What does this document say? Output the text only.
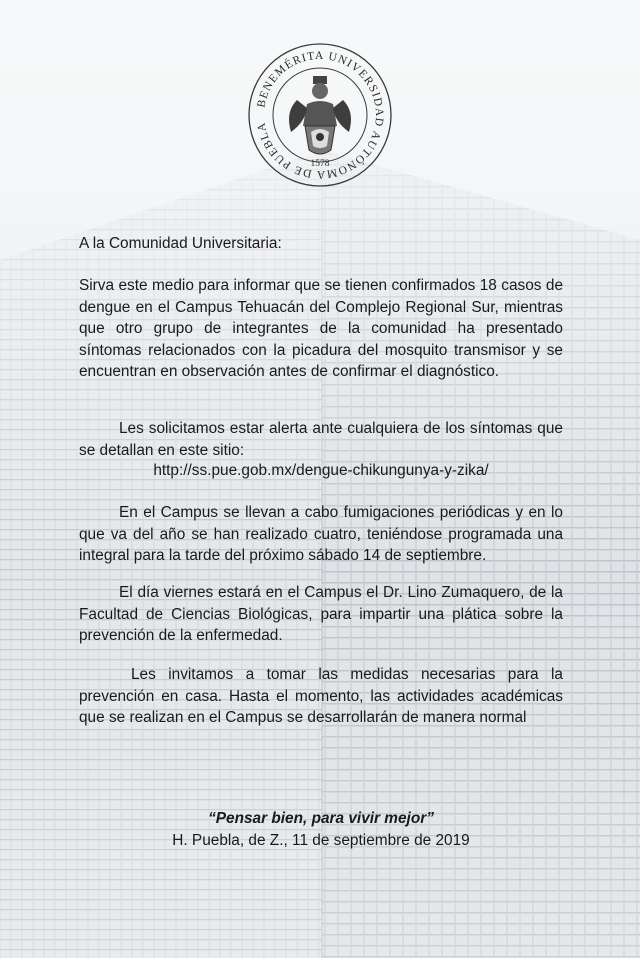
BENEMÉRITA UNIVERSIDAD AUTÓNOMA DE PUEBLA
1578
A la Comunidad Universitaria:

Sirva este medio para informar que se tienen confirmados 18 casos de dengue en el Campus Tehuacán del Complejo Regional Sur, mientras que otro grupo de integrantes de la comunidad ha presentado síntomas relacionados con la picadura del mosquito transmisor y se encuentran en observación antes de confirmar el diagnóstico.

Les solicitamos estar alerta ante cualquiera de los síntomas que se detallan en este sitio:

http://ss.pue.gob.mx/dengue-chikungunya-y-zika/

En el Campus se llevan a cabo fumigaciones periódicas y en lo que va del año se han realizado cuatro, teniéndose programada una integral para la tarde del próximo sábado 14 de septiembre.

El día viernes estará en el Campus el Dr. Lino Zumaquero, de la Facultad de Ciencias Biológicas, para impartir una plática sobre la prevención de la enfermedad.

Les invitamos a tomar las medidas necesarias para la prevención en casa. Hasta el momento, las actividades académicas que se realizan en el Campus se desarrollarán de manera normal

“Pensar bien, para vivir mejor”
H. Puebla, de Z., 11 de septiembre de 2019
